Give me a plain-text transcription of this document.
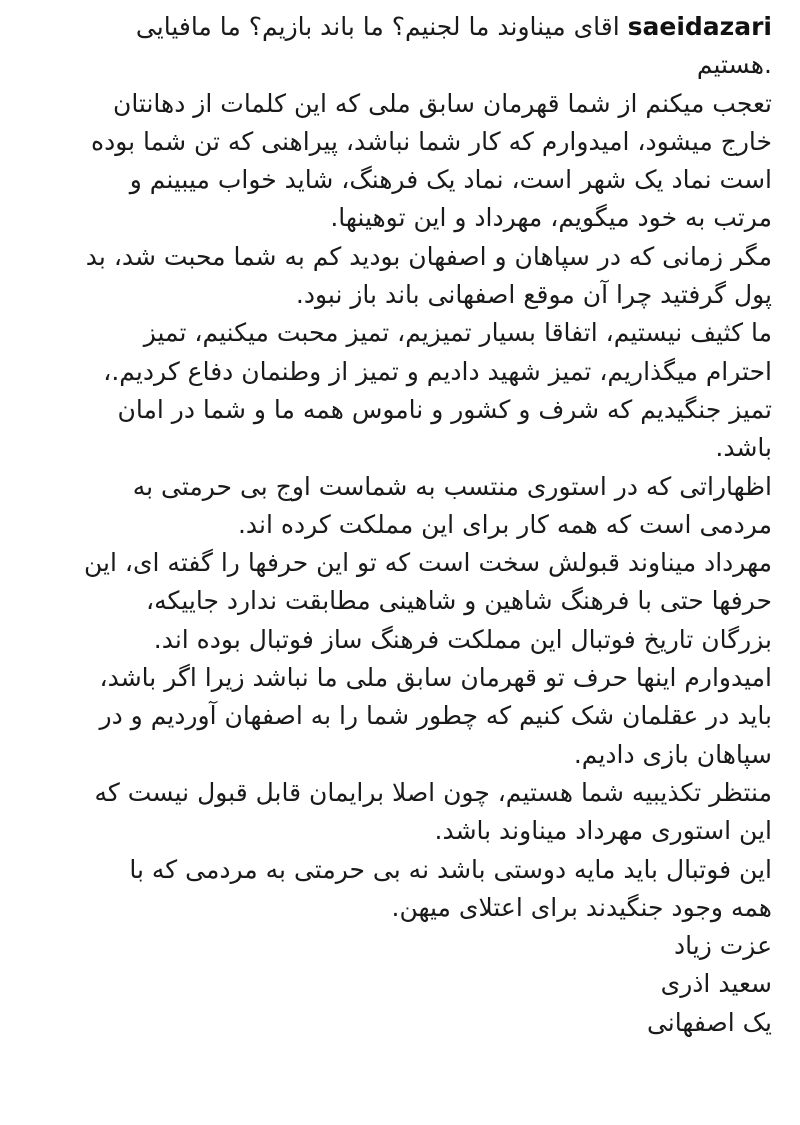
saeidazari اقای میناوند ما لجنیم؟ ما باند بازیم؟ ما مافیایی
.هستیم
تعجب میکنم از شما قهرمان سابق ملی که این کلمات از دهانتان
خارج میشود، امیدوارم که کار شما نباشد، پیراهنی که تن شما بوده
است نماد یک شهر است، نماد یک فرهنگ، شاید خواب میبینم و
مرتب به خود میگویم، مهرداد و این توهینها.
مگر زمانی که در سپاهان و اصفهان بودید کم به شما محبت شد، بد
پول گرفتید چرا آن موقع اصفهانی باند باز نبود.
ما کثیف نیستیم، اتفاقا بسیار تمیزیم، تمیز محبت میکنیم، تمیز
احترام میگذاریم، تمیز شهید دادیم و تمیز از وطنمان دفاع کردیم.،
تمیز جنگیدیم که شرف و کشور و ناموس همه ما و شما در امان
باشد.
اظهاراتی که در استوری منتسب به شماست اوج بی حرمتی به
مردمی است که همه کار برای این مملکت کرده اند.
مهرداد میناوند قبولش سخت است که تو این حرفها را گفته ای، این
حرفها حتی با فرهنگ شاهین و شاهینی مطابقت ندارد جاییکه،
بزرگان تاریخ فوتبال این مملکت فرهنگ ساز فوتبال بوده اند.
امیدوارم اینها حرف تو قهرمان سابق ملی ما نباشد زیرا اگر باشد،
باید در عقلمان شک کنیم که چطور شما را به اصفهان آوردیم و در
سپاهان بازی دادیم.
منتظر تکذیبیه شما هستیم، چون اصلا برایمان قابل قبول نیست که
این استوری مهرداد میناوند باشد.
این فوتبال باید مایه دوستی باشد نه بی حرمتی به مردمی که با
همه وجود جنگیدند برای اعتلای میهن.
عزت زیاد
سعید اذری
یک اصفهانی
